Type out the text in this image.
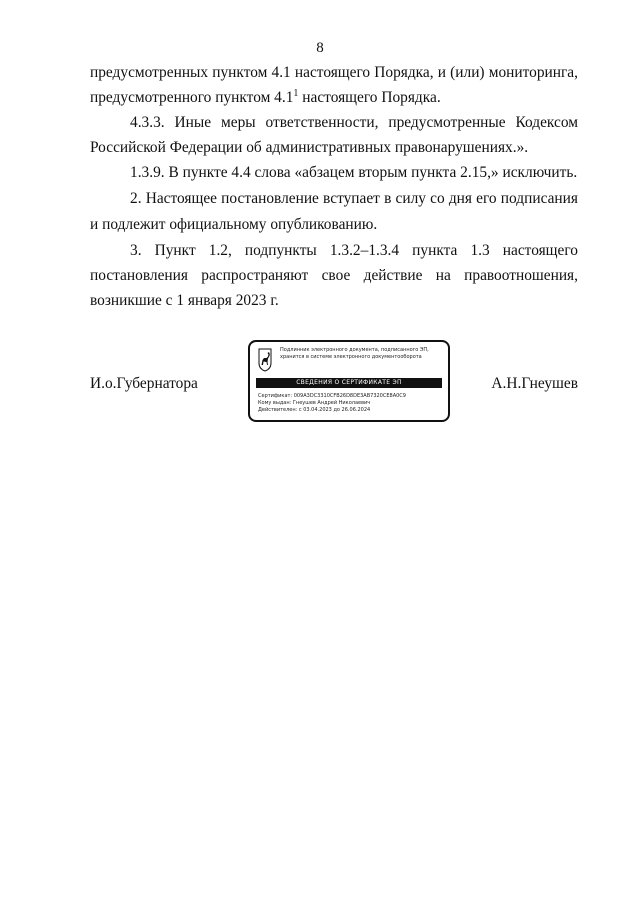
8
предусмотренных пунктом 4.1 настоящего Порядка, и (или) мониторинга,
предусмотренного пунктом $4.1^1$ настоящего Порядка.
4.3.3. Иные меры ответственности, предусмотренные Кодексом
Российской Федерации об административных правонарушениях.».
1.3.9. В пункте 4.4 слова «абзацем вторым пункта 2.15,» исключить.
2. Настоящее постановление вступает в силу со дня его подписания
и подлежит официальному опубликованию.
3. Пункт 1.2, подпункты 1.3.2–1.3.4 пункта 1.3 настоящего
постановления распространяют свое действие на правоотношения,
возникшие с 1 января 2023 г.
И.о.Губернатора	А.Н.Гнеушев
Подлинник электронного документа, подписанного ЭП,
хранится в системе электронного документооборота
СВЕДЕНИЯ О СЕРТИФИКАТЕ ЭП
Сертификат: 009A3DC3310CFB26D8DE3AB7320CE8A0C9
Кому выдан: Гнеушев Андрей Николаевич
Действителен: с 03.04.2023 до 26.06.2024
